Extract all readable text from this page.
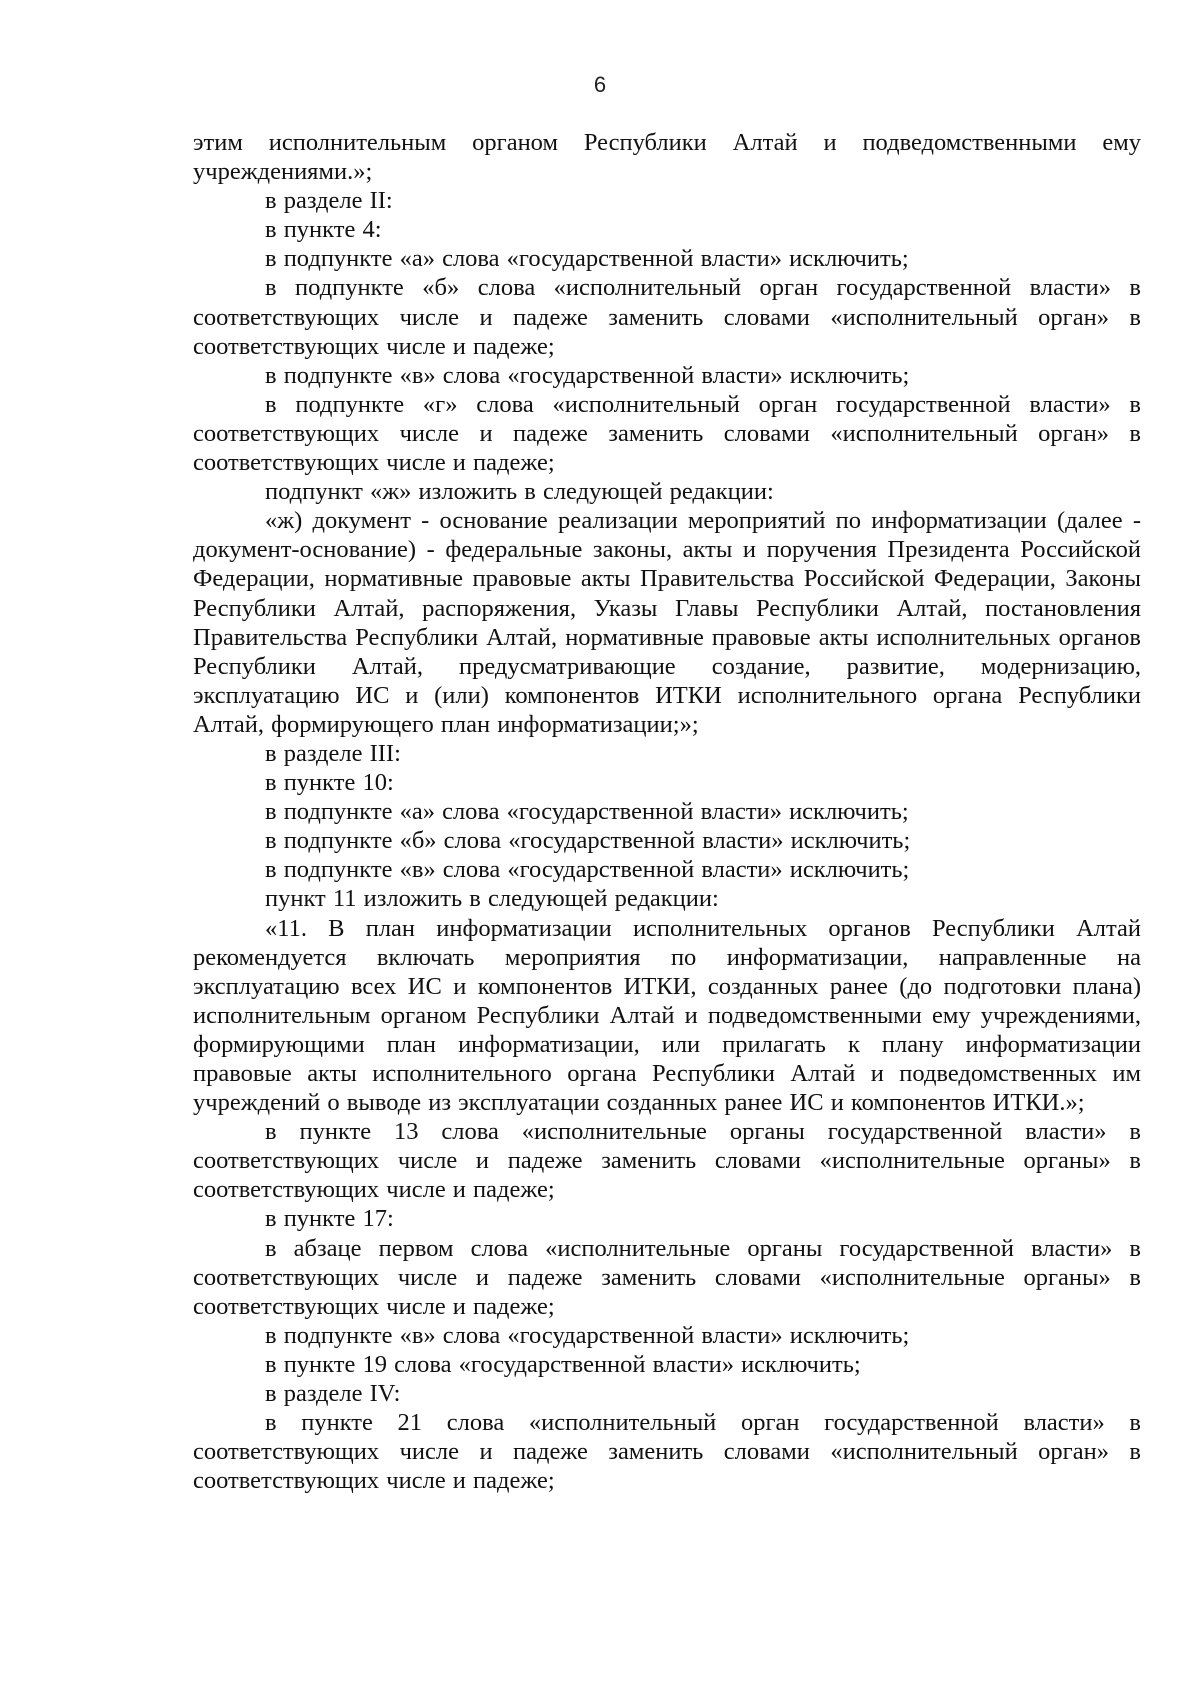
6

этим исполнительным органом Республики Алтай и подведомственными ему учреждениями.»;

в разделе II:

в пункте 4:

в подпункте «а» слова «государственной власти» исключить;

в подпункте «б» слова «исполнительный орган государственной власти» в соответствующих числе и падеже заменить словами «исполнительный орган» в соответствующих числе и падеже;

в подпункте «в» слова «государственной власти» исключить;

в подпункте «г» слова «исполнительный орган государственной власти» в соответствующих числе и падеже заменить словами «исполнительный орган» в соответствующих числе и падеже;

подпункт «ж» изложить в следующей редакции:

«ж) документ - основание реализации мероприятий по информатизации (далее - документ-основание) - федеральные законы, акты и поручения Президента Российской Федерации, нормативные правовые акты Правительства Российской Федерации, Законы Республики Алтай, распоряжения, Указы Главы Республики Алтай, постановления Правительства Республики Алтай, нормативные правовые акты исполнительных органов Республики Алтай, предусматривающие создание, развитие, модернизацию, эксплуатацию ИС и (или) компонентов ИТКИ исполнительного органа Республики Алтай, формирующего план информатизации;»;

в разделе III:

в пункте 10:

в подпункте «а» слова «государственной власти» исключить;

в подпункте «б» слова «государственной власти» исключить;

в подпункте «в» слова «государственной власти» исключить;

пункт 11 изложить в следующей редакции:

«11. В план информатизации исполнительных органов Республики Алтай рекомендуется включать мероприятия по информатизации, направленные на эксплуатацию всех ИС и компонентов ИТКИ, созданных ранее (до подготовки плана) исполнительным органом Республики Алтай и подведомственными ему учреждениями, формирующими план информатизации, или прилагать к плану информатизации правовые акты исполнительного органа Республики Алтай и подведомственных им учреждений о выводе из эксплуатации созданных ранее ИС и компонентов ИТКИ.»;

в пункте 13 слова «исполнительные органы государственной власти» в соответствующих числе и падеже заменить словами «исполнительные органы» в соответствующих числе и падеже;

в пункте 17:

в абзаце первом слова «исполнительные органы государственной власти» в соответствующих числе и падеже заменить словами «исполнительные органы» в соответствующих числе и падеже;

в подпункте «в» слова «государственной власти» исключить;

в пункте 19 слова «государственной власти» исключить;

в разделе IV:

в пункте 21 слова «исполнительный орган государственной власти» в соответствующих числе и падеже заменить словами «исполнительный орган» в соответствующих числе и падеже;
